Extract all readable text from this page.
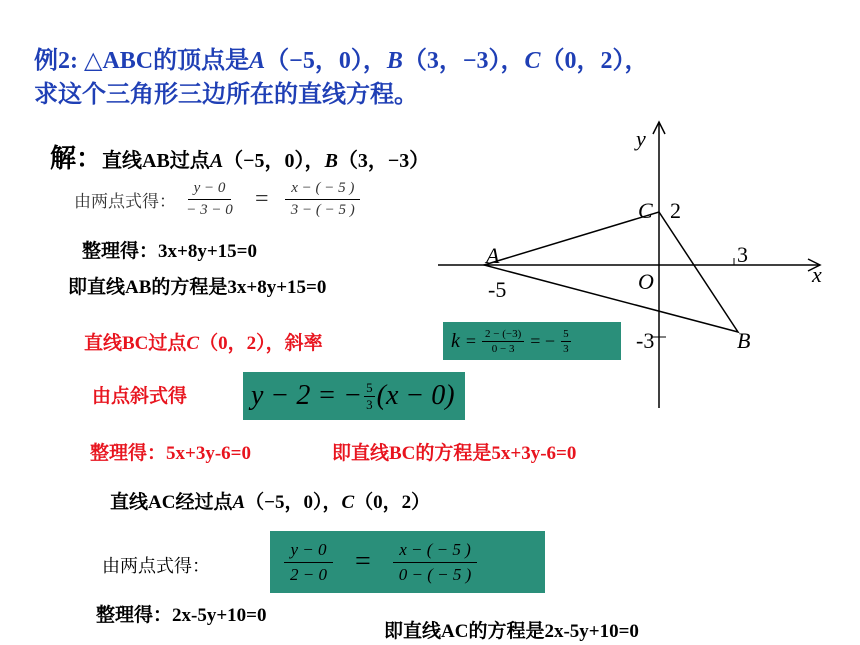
例2: △ABC的顶点是A（−5，0），B（3，−3），C（0，2），
求这个三角形三边所在的直线方程。
解：直线AB过点A（−5，0），B（3，−3）
由两点式得： $\frac{y - 0}{- 3 - 0} = \frac{x - ( - 5 )}{3 - ( - 5 )}$
整理得：3x+8y+15=0
即直线AB的方程是3x+8y+15=0
直线BC过点C（0，2），斜率	$k = \frac{2 - (-3)}{0 - 3}$ = − $\frac{5}{3}$
由点斜式得 y − 2 = − $\frac{5}{3} (x - 0)$
整理得：5x+3y-6=0	即直线BC的方程是5x+3y-6=0
直线AC经过点A（−5，0），C（0，2）
由两点式得：	$\frac{y - 0}{2 - 0}$ =	$\frac{x - ( - 5 )}{0 - ( - 5 )}$
整理得：2x-5y+10=0
即直线AC的方程是2x-5y+10=0
x
y
O
A
B
C
-5
2
3
-3
